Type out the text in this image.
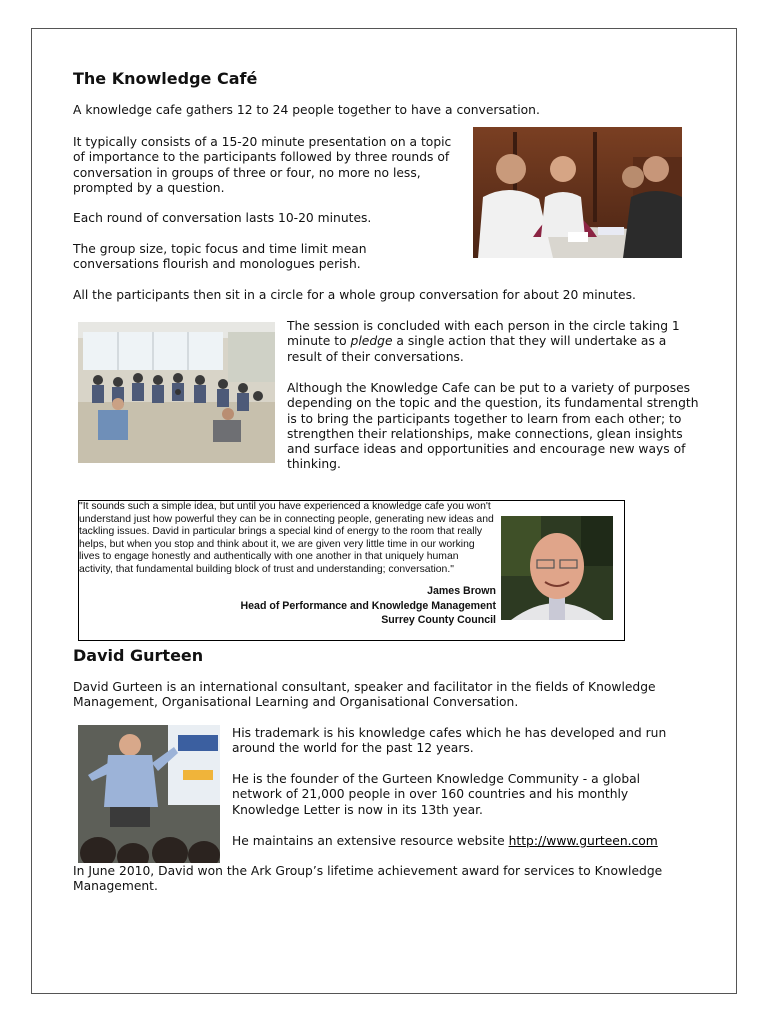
The Knowledge Café
A knowledge cafe gathers 12 to 24 people together to have a conversation.
It typically consists of a 15-20 minute presentation on a topic of importance to the participants followed by three rounds of conversation in groups of three or four, no more no less, prompted by a question.
Each round of conversation lasts 10-20 minutes.
The group size, topic focus and time limit mean conversations flourish and monologues perish.
All the participants then sit in a circle for a whole group conversation for about 20 minutes.
The session is concluded with each person in the circle taking 1 minute to pledge a single action that they will undertake as a result of their conversations.
Although the Knowledge Cafe can be put to a variety of purposes depending on the topic and the question, its fundamental strength is to bring the participants together to learn from each other; to strengthen their relationships, make connections, glean insights and surface ideas and opportunities and encourage new ways of thinking.
"It sounds such a simple idea, but until you have experienced a knowledge cafe you won't understand just how powerful they can be in connecting people, generating new ideas and tackling issues. David in particular brings a special kind of energy to the room that really helps, but when you stop and think about it, we are given very little time in our working lives to engage honestly and authentically with one another in that uniquely human activity, that fundamental building block of trust and understanding; conversation."
James Brown
Head of Performance and Knowledge Management
Surrey County Council
David Gurteen
David Gurteen is an international consultant, speaker and facilitator in the fields of Knowledge Management, Organisational Learning and Organisational Conversation.
His trademark is his knowledge cafes which he has developed and run around the world for the past 12 years.
He is the founder of the Gurteen Knowledge Community - a global network of 21,000 people in over 160 countries and his monthly Knowledge Letter is now in its 13th year.
He maintains an extensive resource website http://www.gurteen.com
In June 2010, David won the Ark Group’s lifetime achievement award for services to Knowledge Management.
